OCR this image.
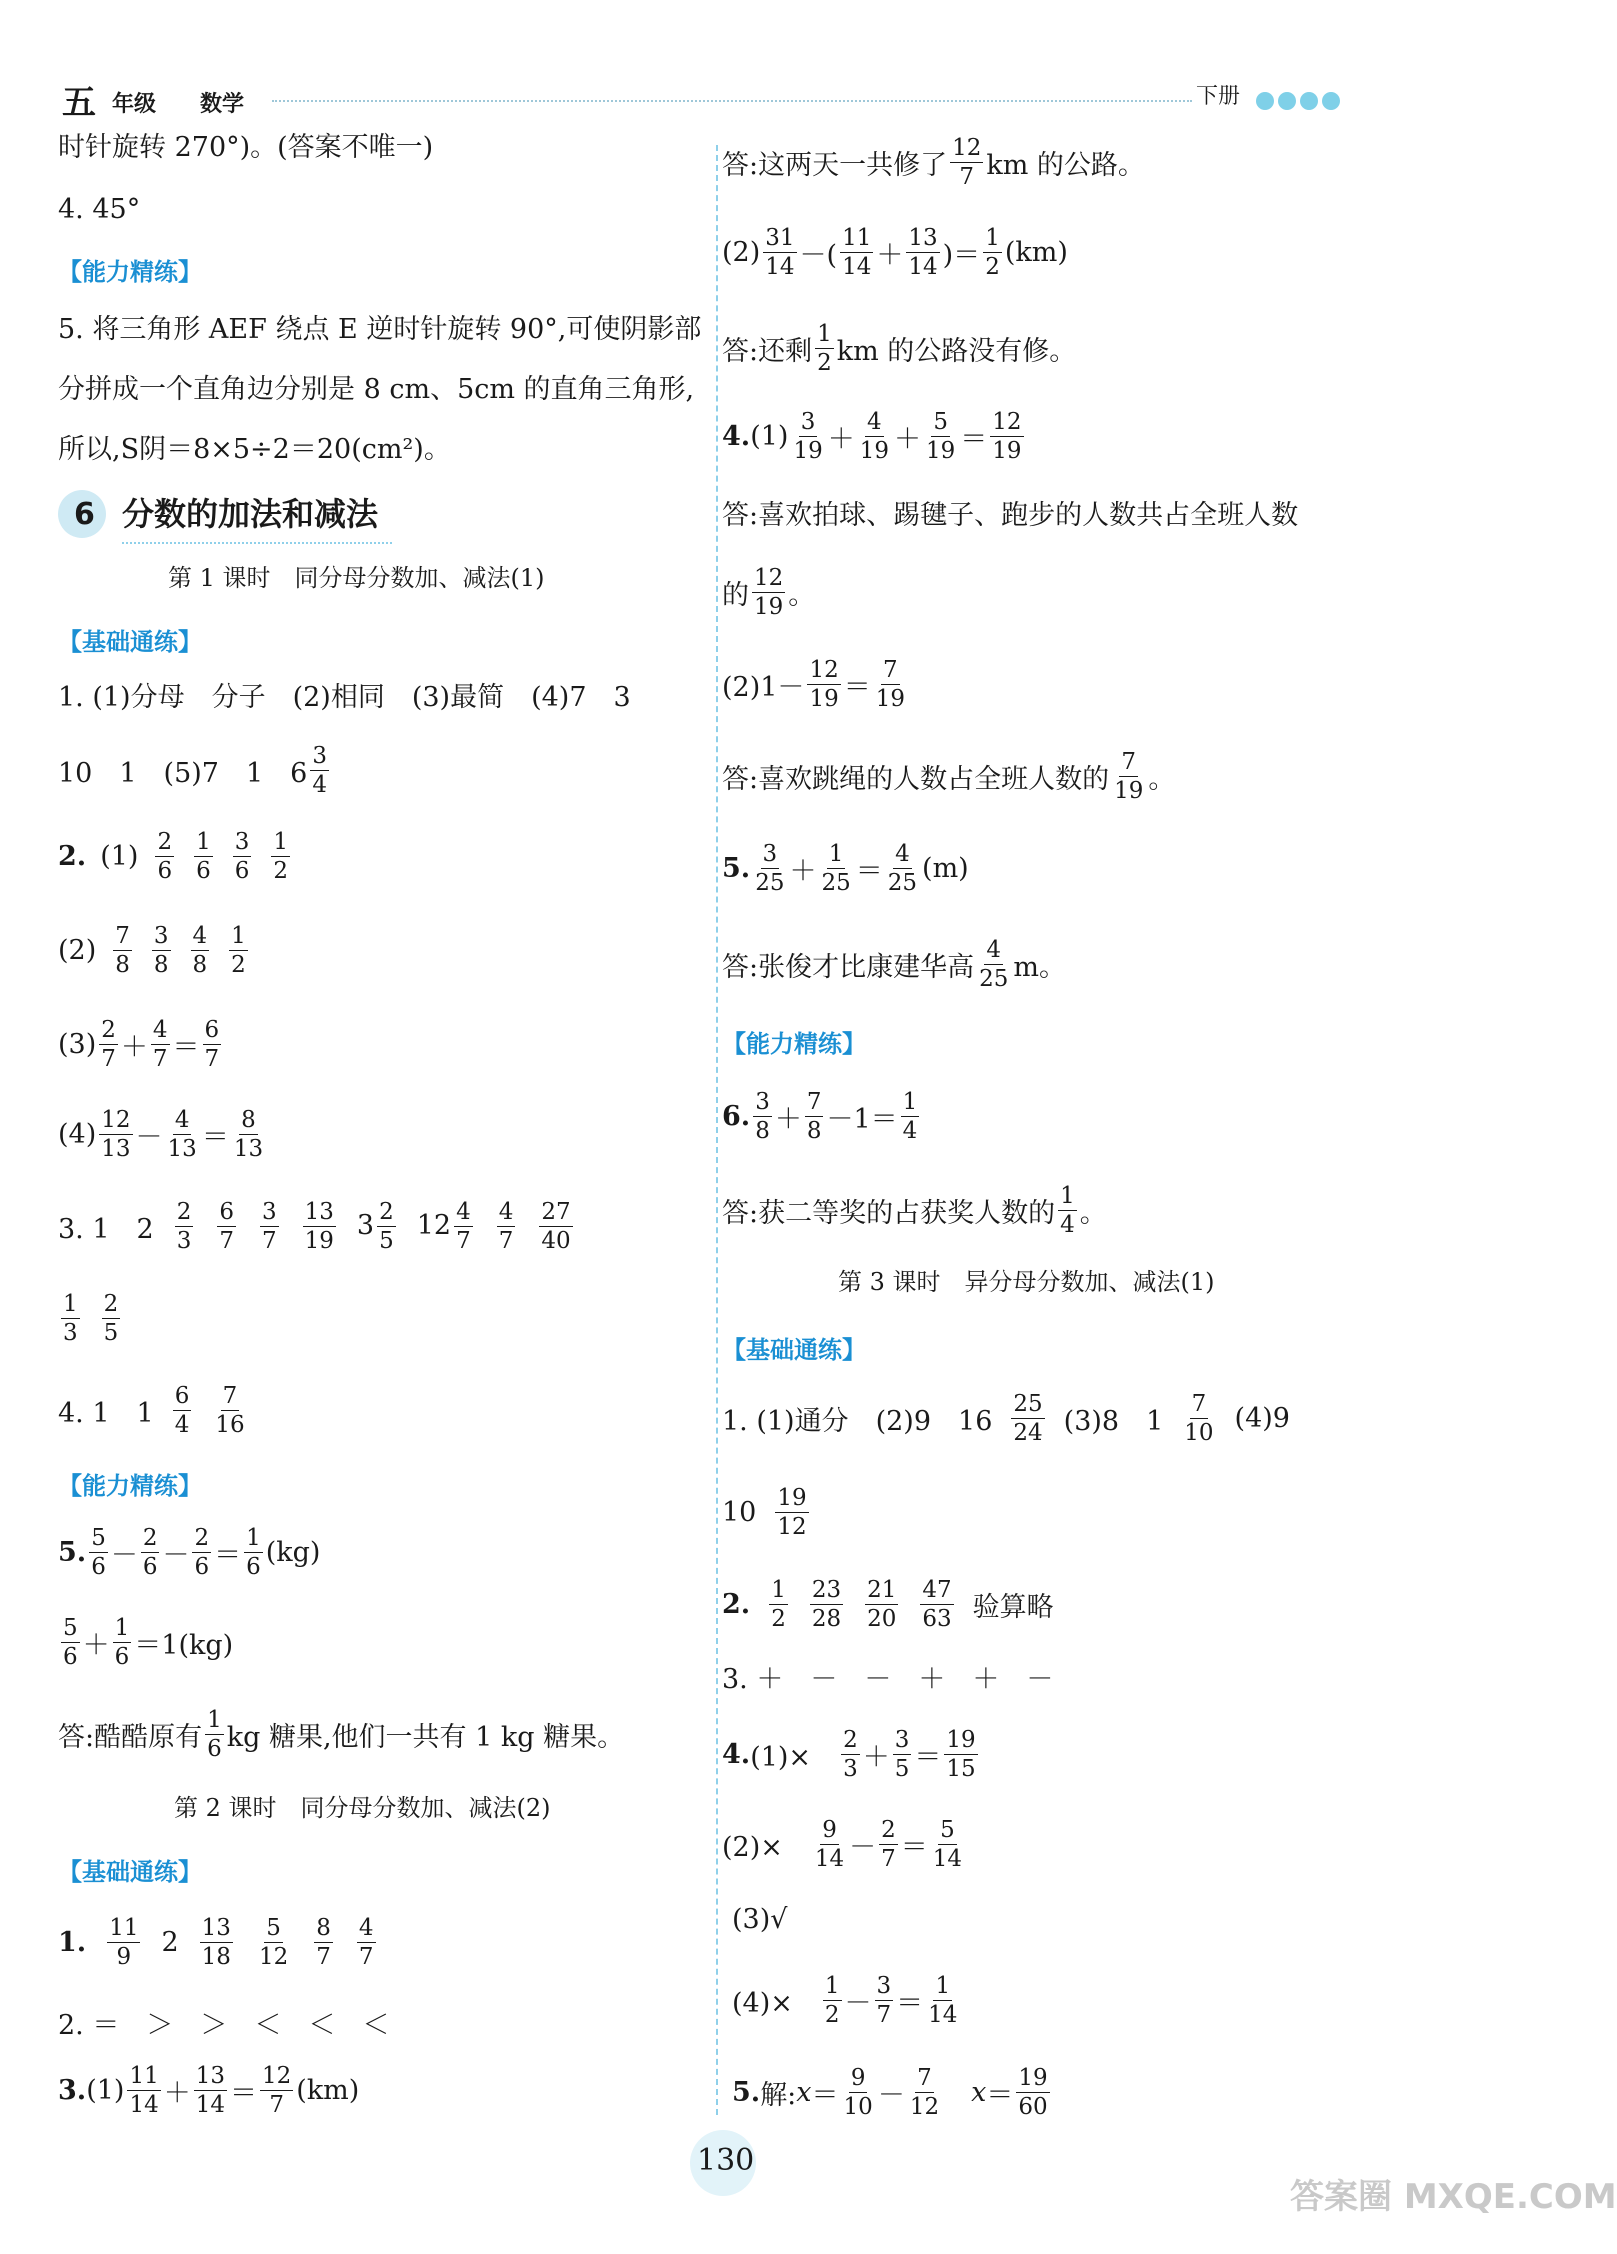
五 年级 数学	下册
时针旋转 270°)。(答案不唯一)
4. 45°
【能力精练】
5. 将三角形 AEF 绕点 E 逆时针旋转 90°,可使阴影部
分拼成一个直角边分别是 8 cm、5cm 的直角三角形,
所以,S阴＝8×5÷2＝20(cm²)。
6 分数的加法和减法
第 1 课时　同分母分数加、减法(1)
【基础通练】
1. (1)分母　分子　(2)相同　(3)最简　(4)7　3
10　1　(5)7　1　$6 \frac{3}{4}$
2. $(1) \frac{2}{6} \frac{1}{6} \frac{3}{6} \frac{1}{2}$
$(2) \frac{7}{8} \frac{3}{8} \frac{4}{8} \frac{1}{2}$
$(3) \frac{2}{7} + \frac{4}{7} = \frac{6}{7}$
$(4) \frac{12}{13} - \frac{4}{13} = \frac{8}{13}$
3. 1　$2 \frac{2}{3} \frac{6}{7} \frac{3}{7} \frac{13}{19} 3 \frac{2}{5} 12 \frac{4}{7} \frac{4}{7} \frac{27}{40}$
$\frac{1}{3} \frac{2}{5}$
4. 1　$1 \frac{6}{4} \frac{7}{16}$
【能力精练】
5. $\frac{5}{6} - \frac{2}{6} - \frac{2}{6} = \frac{1}{6} (kg)$
$\frac{5}{6} + \frac{1}{6} =1(kg)$
答:酷酷原有 $\frac{1}{6}$ kg 糖果,他们一共有 1 kg 糖果。
第 2 课时　同分母分数加、减法(2)
【基础通练】
1. $\frac{11}{9} 2 \frac{13}{18} \frac{5}{12} \frac{8}{7} \frac{4}{7}$
2. ＝　＞　＞　＜　＜　＜
3. $(1) \frac{11}{14} + \frac{13}{14} = \frac{12}{7} (km)$
答:这两天一共修了 $\frac{12}{7}$ km 的公路。
$(2) \frac{31}{14}$ －( $\frac{11}{14} + \frac{13}{14}$ )＝ $\frac{1}{2} (km)$
答:还剩 $\frac{1}{2}$ km 的公路没有修。
4. $(1) \frac{3}{19} + \frac{4}{19} + \frac{5}{19} = \frac{12}{19}$
答:喜欢拍球、踢毽子、跑步的人数共占全班人数
的 $\frac{12}{19}$ 。
$(2)1- \frac{12}{19} = \frac{7}{19}$
答:喜欢跳绳的人数占全班人数的 $\frac{7}{19}$ 。
5. $\frac{3}{25} + \frac{1}{25} = \frac{4}{25} (m)$
答:张俊才比康建华高 $\frac{4}{25}$ m。
【能力精练】
6. $\frac{3}{8} + \frac{7}{8} -1= \frac{1}{4}$
答:获二等奖的占获奖人数的 $\frac{1}{4}$ 。
第 3 课时　异分母分数加、减法(1)
【基础通练】
1. (1)通分　(2)9　$16 \frac{25}{24} (3)8$　$1 \frac{7}{10} (4)9$
$10 \frac{19}{12}$
2. $\frac{1}{2} \frac{23}{28} \frac{21}{20} \frac{47}{63}$ 验算略
3. ＋　－　－　＋　＋　－
4. (1)×　 $\frac{2}{3} + \frac{3}{5} = \frac{19}{15}$
(2)×　 $\frac{9}{14} - \frac{2}{7} = \frac{5}{14}$
(3)√
(4)×　 $\frac{1}{2} - \frac{3}{7} = \frac{1}{14}$
5. 解: $x = \frac{9}{10} - \frac{7}{12}$
　 $x = \frac{19}{60}$
130
答案圈 MXQE.COM
